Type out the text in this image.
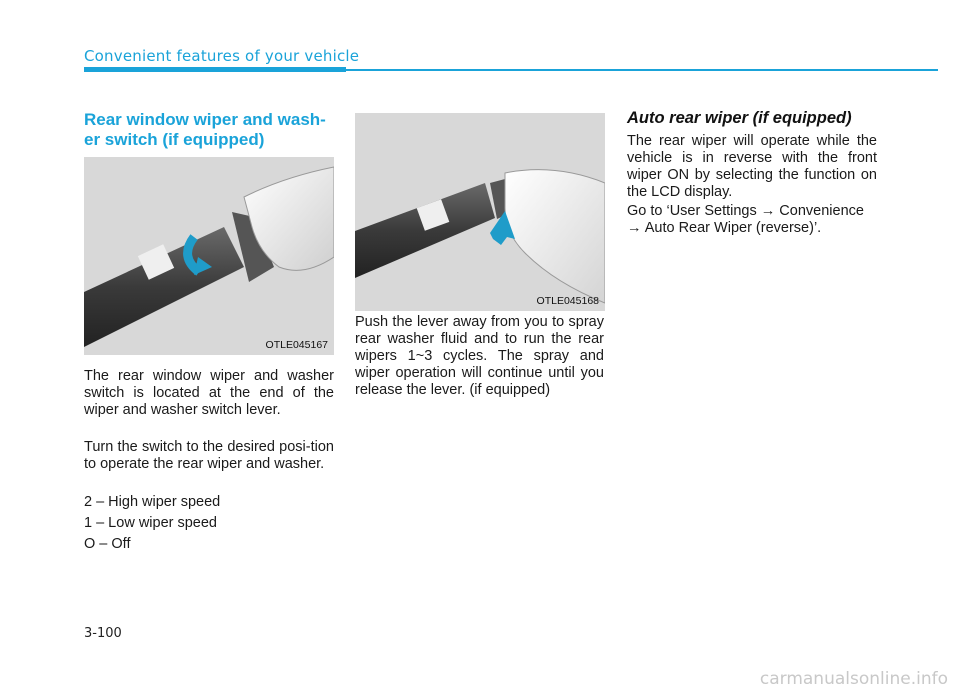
Convenient features of your vehicle
Rear window wiper and wash-er switch (if equipped)
OTLE045167

The rear window wiper and washer switch is located at the end of the wiper and washer switch lever.

Turn the switch to the desired posi-tion to operate the rear wiper and washer.

2 – High wiper speed
1 – Low wiper speed
O – Off
OTLE045168

Push the lever away from you to spray rear washer fluid and to run the rear wipers 1~3 cycles. The spray and wiper operation will continue until you release the lever. (if equipped)

Auto rear wiper (if equipped)

The rear wiper will operate while the vehicle is in reverse with the front wiper ON by selecting the function on the LCD display.

Go to ‘User Settings → Convenience → Auto Rear Wiper (reverse)’.

3-100
carmanualsonline.info
